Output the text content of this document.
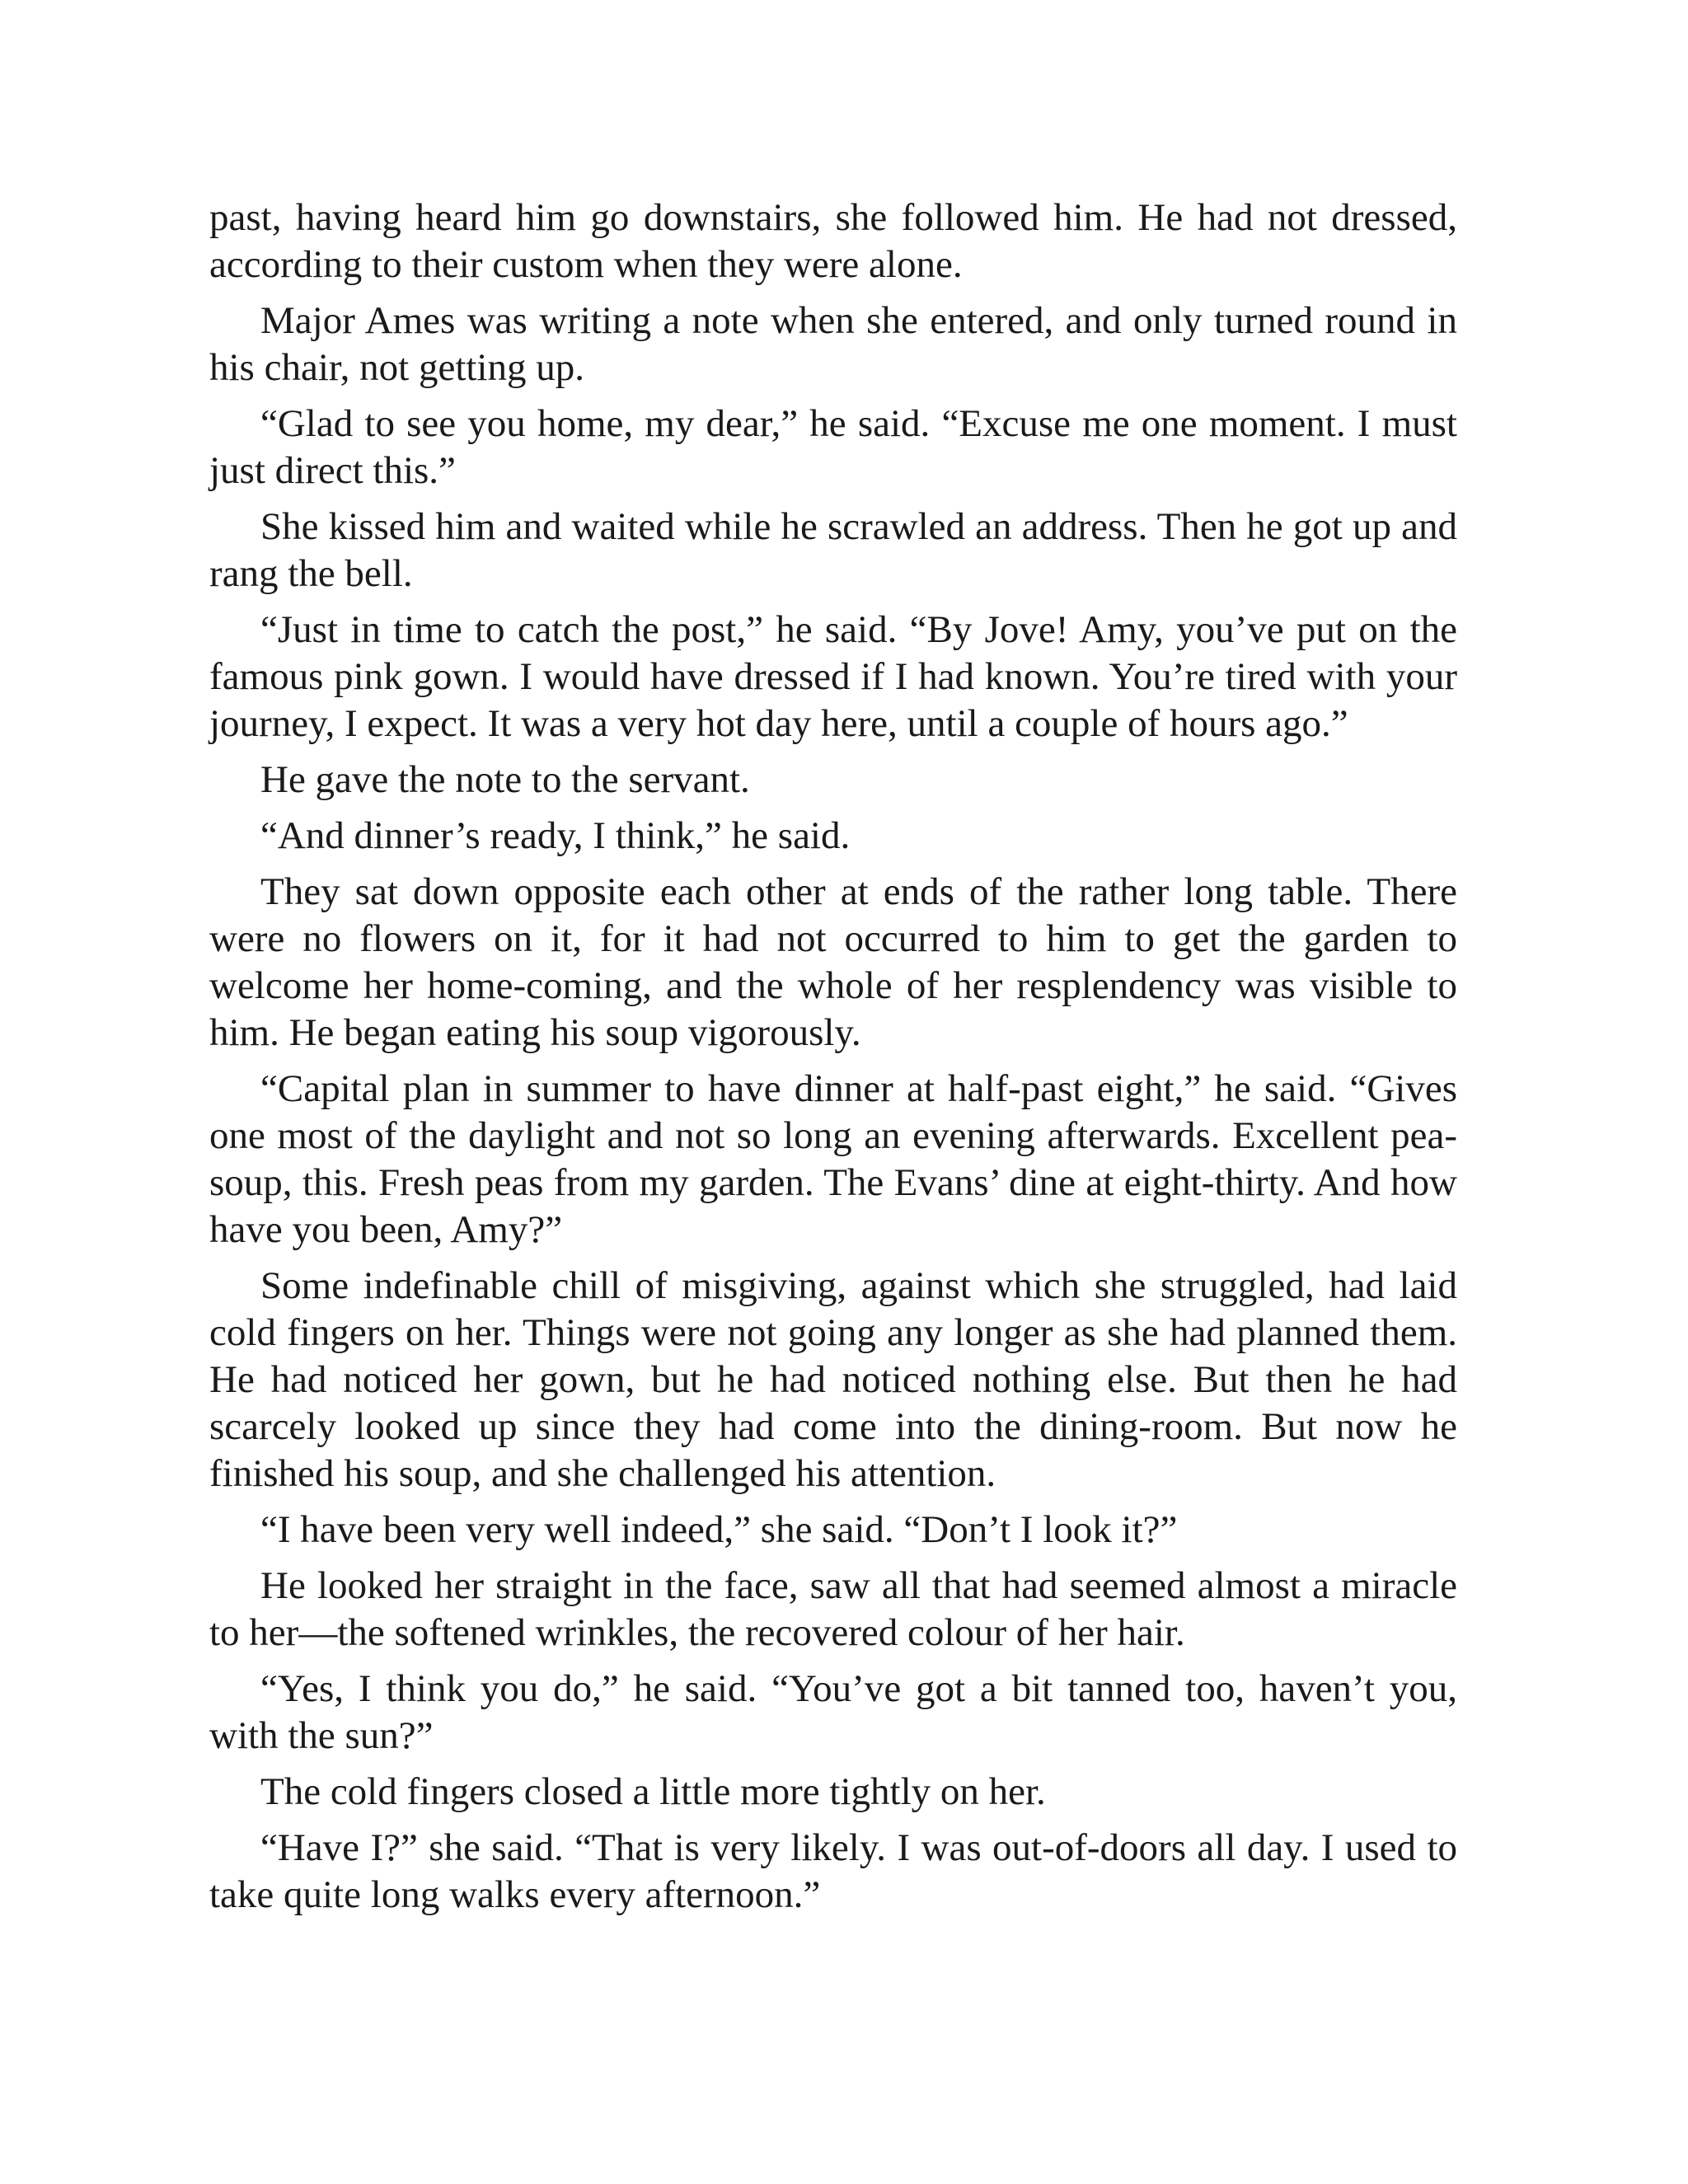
past, having heard him go downstairs, she followed him. He had not dressed, according to their custom when they were alone.

Major Ames was writing a note when she entered, and only turned round in his chair, not getting up.

“Glad to see you home, my dear,” he said. “Excuse me one moment. I must just direct this.”

She kissed him and waited while he scrawled an address. Then he got up and rang the bell.

“Just in time to catch the post,” he said. “By Jove! Amy, you’ve put on the famous pink gown. I would have dressed if I had known. You’re tired with your journey, I expect. It was a very hot day here, until a couple of hours ago.”

He gave the note to the servant.

“And dinner’s ready, I think,” he said.

They sat down opposite each other at ends of the rather long table. There were no flowers on it, for it had not occurred to him to get the garden to welcome her home-coming, and the whole of her resplendency was visible to him. He began eating his soup vigorously.

“Capital plan in summer to have dinner at half-past eight,” he said. “Gives one most of the daylight and not so long an evening afterwards. Excellent pea-soup, this. Fresh peas from my garden. The Evans’ dine at eight-thirty. And how have you been, Amy?”

Some indefinable chill of misgiving, against which she struggled, had laid cold fingers on her. Things were not going any longer as she had planned them. He had noticed her gown, but he had noticed nothing else. But then he had scarcely looked up since they had come into the dining-room. But now he finished his soup, and she challenged his attention.

“I have been very well indeed,” she said. “Don’t I look it?”

He looked her straight in the face, saw all that had seemed almost a miracle to her—the softened wrinkles, the recovered colour of her hair.

“Yes, I think you do,” he said. “You’ve got a bit tanned too, haven’t you, with the sun?”

The cold fingers closed a little more tightly on her.

“Have I?” she said. “That is very likely. I was out-of-doors all day. I used to take quite long walks every afternoon.”
